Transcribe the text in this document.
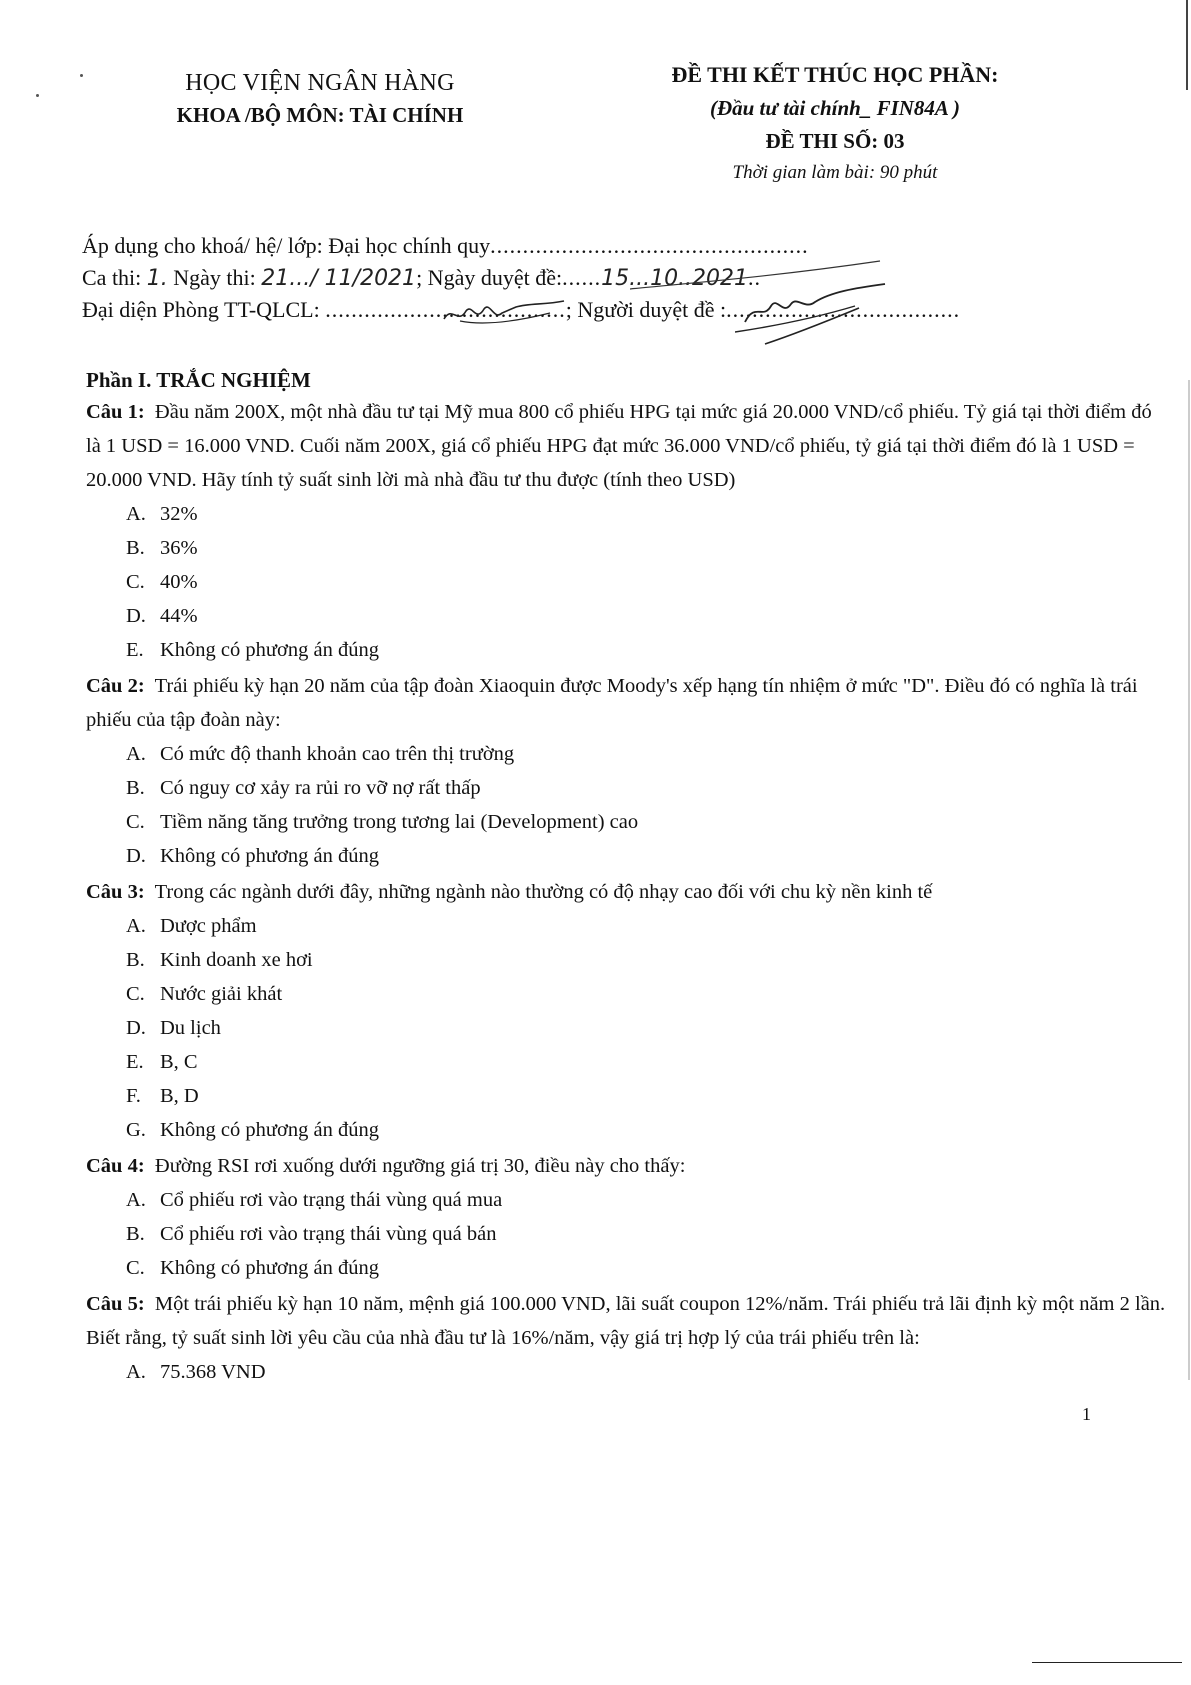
HỌC VIỆN NGÂN HÀNG
KHOA /BỘ MÔN: TÀI CHÍNH
ĐỀ THI KẾT THÚC HỌC PHẦN:
(Đầu tư tài chính_ FIN84A )
ĐỀ THI SỐ: 03
Thời gian làm bài: 90 phút
Áp dụng cho khoá/ hệ/ lớp: Đại học chính quy.................................................
Ca thi: 1. Ngày thi: 21.../ 11/2021; Ngày duyệt đề:......15...10..2021..
Đại diện Phòng TT-QLCL: .....................................; Người duyệt đề :....................................
Phần I. TRẮC NGHIỆM
Câu 1: Đầu năm 200X, một nhà đầu tư tại Mỹ mua 800 cổ phiếu HPG tại mức giá 20.000 VND/cổ phiếu. Tỷ giá tại thời điểm đó là 1 USD = 16.000 VND. Cuối năm 200X, giá cổ phiếu HPG đạt mức 36.000 VND/cổ phiếu, tỷ giá tại thời điểm đó là 1 USD = 20.000 VND. Hãy tính tỷ suất sinh lời mà nhà đầu tư thu được (tính theo USD)
A. 32%
B. 36%
C. 40%
D. 44%
E. Không có phương án đúng
Câu 2: Trái phiếu kỳ hạn 20 năm của tập đoàn Xiaoquin được Moody's xếp hạng tín nhiệm ở mức "D". Điều đó có nghĩa là trái phiếu của tập đoàn này:
A. Có mức độ thanh khoản cao trên thị trường
B. Có nguy cơ xảy ra rủi ro vỡ nợ rất thấp
C. Tiềm năng tăng trưởng trong tương lai (Development) cao
D. Không có phương án đúng
Câu 3: Trong các ngành dưới đây, những ngành nào thường có độ nhạy cao đối với chu kỳ nền kinh tế
A. Dược phẩm
B. Kinh doanh xe hơi
C. Nước giải khát
D. Du lịch
E. B, C
F. B, D
G. Không có phương án đúng
Câu 4: Đường RSI rơi xuống dưới ngưỡng giá trị 30, điều này cho thấy:
A. Cổ phiếu rơi vào trạng thái vùng quá mua
B. Cổ phiếu rơi vào trạng thái vùng quá bán
C. Không có phương án đúng
Câu 5: Một trái phiếu kỳ hạn 10 năm, mệnh giá 100.000 VND, lãi suất coupon 12%/năm. Trái phiếu trả lãi định kỳ một năm 2 lần. Biết rằng, tỷ suất sinh lời yêu cầu của nhà đầu tư là 16%/năm, vậy giá trị hợp lý của trái phiếu trên là:
A. 75.368 VND
1
